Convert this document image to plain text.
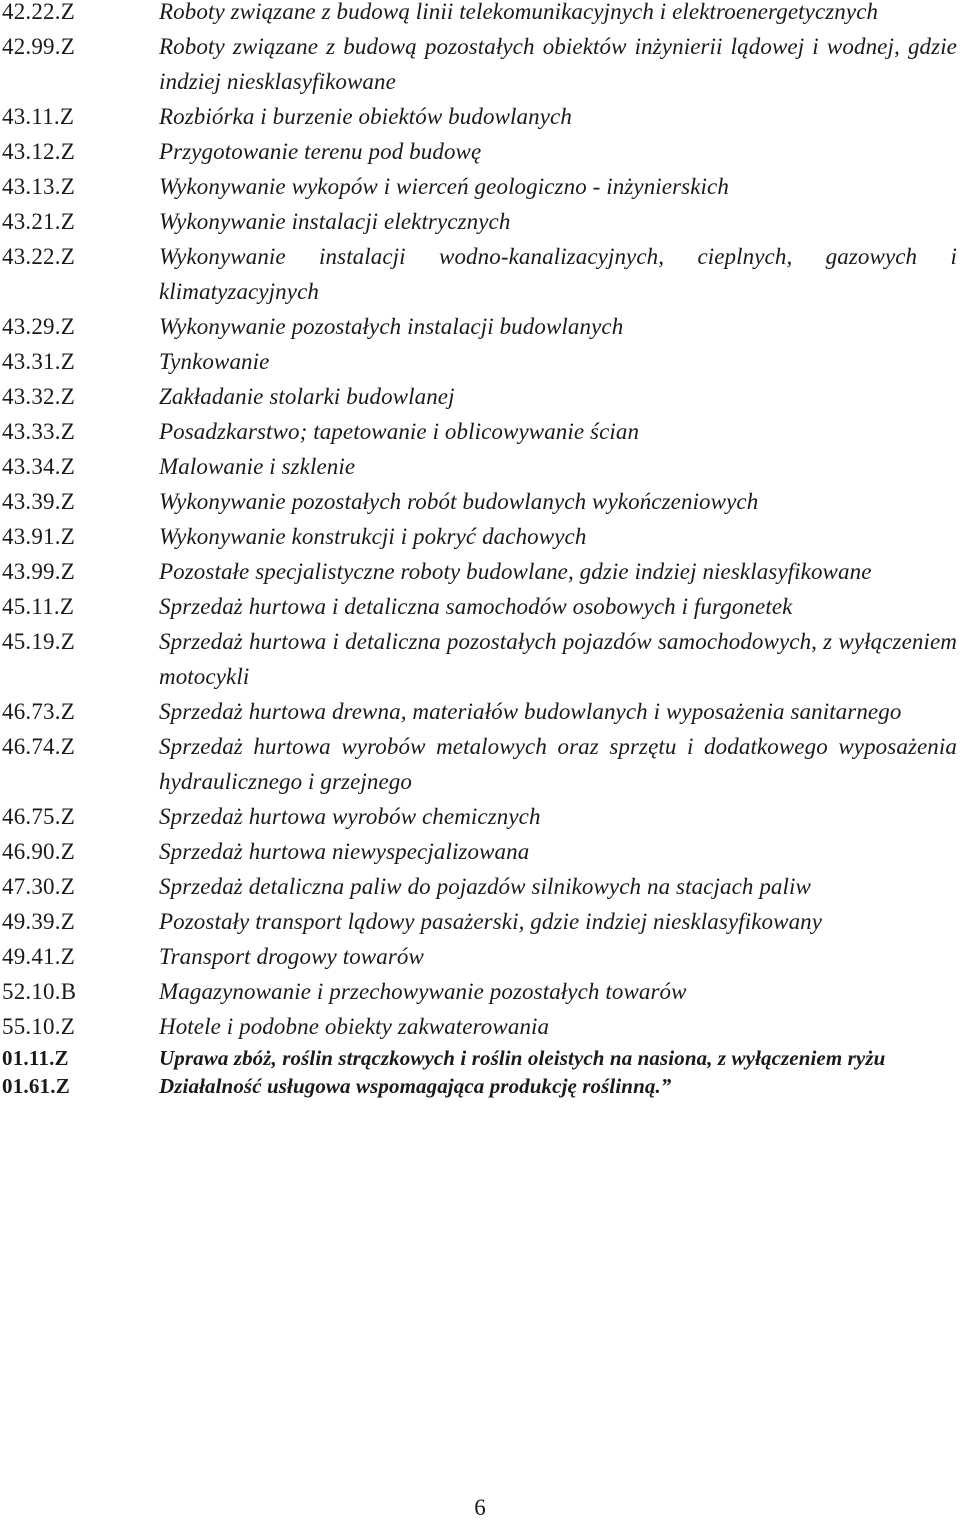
42.22.Z	Roboty związane z budową linii telekomunikacyjnych i elektroenergetycznych
42.99.Z	Roboty związane z budową pozostałych obiektów inżynierii lądowej i wodnej, gdzie indziej niesklasyfikowane
43.11.Z	Rozbiórka i burzenie obiektów budowlanych
43.12.Z	Przygotowanie terenu pod budowę
43.13.Z	Wykonywanie wykopów i wierceń geologiczno - inżynierskich
43.21.Z	Wykonywanie instalacji elektrycznych
43.22.Z	Wykonywanie instalacji wodno-kanalizacyjnych, cieplnych, gazowych i klimatyzacyjnych
43.29.Z	Wykonywanie pozostałych instalacji budowlanych
43.31.Z	Tynkowanie
43.32.Z	Zakładanie stolarki budowlanej
43.33.Z	Posadzkarstwo; tapetowanie i oblicowywanie ścian
43.34.Z	Malowanie i szklenie
43.39.Z	Wykonywanie pozostałych robót budowlanych wykończeniowych
43.91.Z	Wykonywanie konstrukcji i pokryć dachowych
43.99.Z	Pozostałe specjalistyczne roboty budowlane, gdzie indziej niesklasyfikowane
45.11.Z	Sprzedaż hurtowa i detaliczna samochodów osobowych i furgonetek
45.19.Z	Sprzedaż hurtowa i detaliczna pozostałych pojazdów samochodowych, z wyłączeniem motocykli
46.73.Z	Sprzedaż hurtowa drewna, materiałów budowlanych i wyposażenia sanitarnego
46.74.Z	Sprzedaż hurtowa wyrobów metalowych oraz sprzętu i dodatkowego wyposażenia hydraulicznego i grzejnego
46.75.Z	Sprzedaż hurtowa wyrobów chemicznych
46.90.Z	Sprzedaż hurtowa niewyspecjalizowana
47.30.Z	Sprzedaż detaliczna paliw do pojazdów silnikowych na stacjach paliw
49.39.Z	Pozostały transport lądowy pasażerski, gdzie indziej niesklasyfikowany
49.41.Z	Transport drogowy towarów
52.10.B	Magazynowanie i przechowywanie pozostałych towarów
55.10.Z	Hotele i podobne obiekty zakwaterowania
01.11.Z	Uprawa zbóż, roślin strączkowych i roślin oleistych na nasiona, z wyłączeniem ryżu
01.61.Z	Działalność usługowa wspomagająca produkcję roślinną.”
6
